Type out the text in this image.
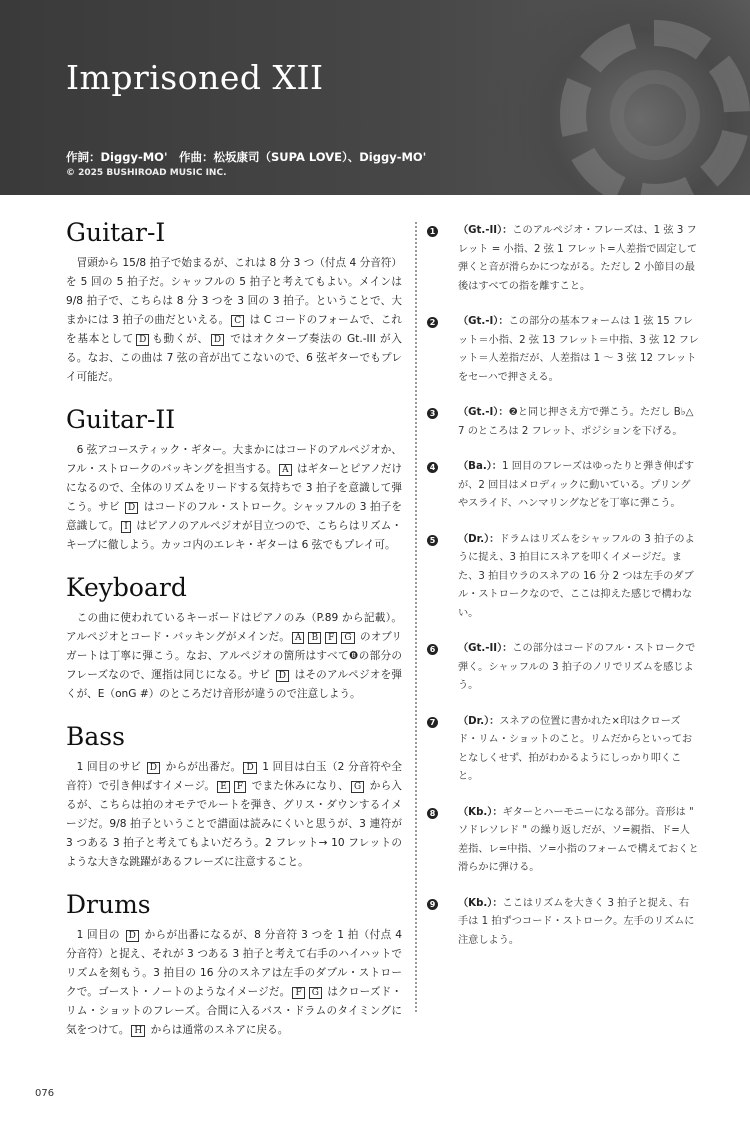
Imprisoned XII
作詞：Diggy-MO'　作曲：松坂康司（SUPA LOVE）、Diggy-MO'
© 2025 BUSHIROAD MUSIC INC.
Guitar-I

冒頭から 15/8 拍子で始まるが、これは 8 分 3 つ（付点 4 分音符）を 5 回の 5 拍子だ。シャッフルの 5 拍子と考えてもよい。メインは 9/8 拍子で、こちらは 8 分 3 つを 3 回の 3 拍子。ということで、大まかには 3 拍子の曲だといえる。 C は C コードのフォームで、これを基本として D も動くが、 D ではオクターブ奏法の Gt.-III が入る。なお、この曲は 7 弦の音が出てこないので、6 弦ギターでもプレイ可能だ。

Guitar-II

6 弦アコースティック・ギター。大まかにはコードのアルペジオか、フル・ストロークのバッキングを担当する。 A はギターとピアノだけになるので、全体のリズムをリードする気持ちで 3 拍子を意識して弾こう。サビ D はコードのフル・ストローク。シャッフルの 3 拍子を意識して。 I はピアノのアルペジオが目立つので、こちらはリズム・キープに徹しよう。カッコ内のエレキ・ギターは 6 弦でもプレイ可。

Keyboard

この曲に使われているキーボードはピアノのみ（P.89 から記載）。アルペジオとコード・バッキングがメインだ。 A B F G のオブリガートは丁寧に弾こう。なお、アルペジオの箇所はすべて❽の部分のフレーズなので、運指は同じになる。サビ D はそのアルペジオを弾くが、E（onG #）のところだけ音形が違うので注意しよう。

Bass

1 回目のサビ D からが出番だ。 D 1 回目は白玉（2 分音符や全音符）で引き伸ばすイメージ。 E F でまた休みになり、 G から入るが、こちらは拍のオモテでルートを弾き、グリス・ダウンするイメージだ。9/8 拍子ということで譜面は読みにくいと思うが、3 連符が 3 つある 3 拍子と考えてもよいだろう。2 フレット→ 10 フレットのような大きな跳躍があるフレーズに注意すること。

Drums

1 回目の D からが出番になるが、8 分音符 3 つを 1 拍（付点 4 分音符）と捉え、それが 3 つある 3 拍子と考えて右手のハイハットでリズムを刻もう。3 拍目の 16 分のスネアは左手のダブル・ストロークで。ゴースト・ノートのようなイメージだ。 F G はクローズド・リム・ショットのフレーズ。合間に入るバス・ドラムのタイミングに気をつけて。 H からは通常のスネアに戻る。

1 （Gt.-II）：このアルペジオ・フレーズは、1 弦 3 フレット = 小指、2 弦 1 フレット=人差指で固定して弾くと音が滑らかにつながる。ただし 2 小節目の最後はすべての指を離すこと。
2 （Gt.-I）：この部分の基本フォームは 1 弦 15 フレット＝小指、2 弦 13 フレット＝中指、3 弦 12 フレット＝人差指だが、人差指は 1 〜 3 弦 12 フレットをセーハで押さえる。
3 （Gt.-I）：❷と同じ押さえ方で弾こう。ただし B♭△ 7 のところは 2 フレット、ポジションを下げる。
4 （Ba.）：1 回目のフレーズはゆったりと弾き伸ばすが、2 回目はメロディックに動いている。プリングやスライド、ハンマリングなどを丁寧に弾こう。
5 （Dr.）：ドラムはリズムをシャッフルの 3 拍子のように捉え、3 拍目にスネアを叩くイメージだ。また、3 拍目ウラのスネアの 16 分 2 つは左手のダブル・ストロークなので、ここは抑えた感じで構わない。
6 （Gt.-II）：この部分はコードのフル・ストロークで弾く。シャッフルの 3 拍子のノリでリズムを感じよう。
7 （Dr.）：スネアの位置に書かれた×印はクローズド・リム・ショットのこと。リムだからといっておとなしくせず、拍がわかるようにしっかり叩くこと。
8 （Kb.）：ギターとハーモニーになる部分。音形は " ソドレソレド " の繰り返しだが、ソ=親指、ド=人差指、レ=中指、ソ=小指のフォームで構えておくと滑らかに弾ける。
9 （Kb.）：ここはリズムを大きく 3 拍子と捉え、右手は 1 拍ずつコード・ストローク。左手のリズムに注意しよう。
076
